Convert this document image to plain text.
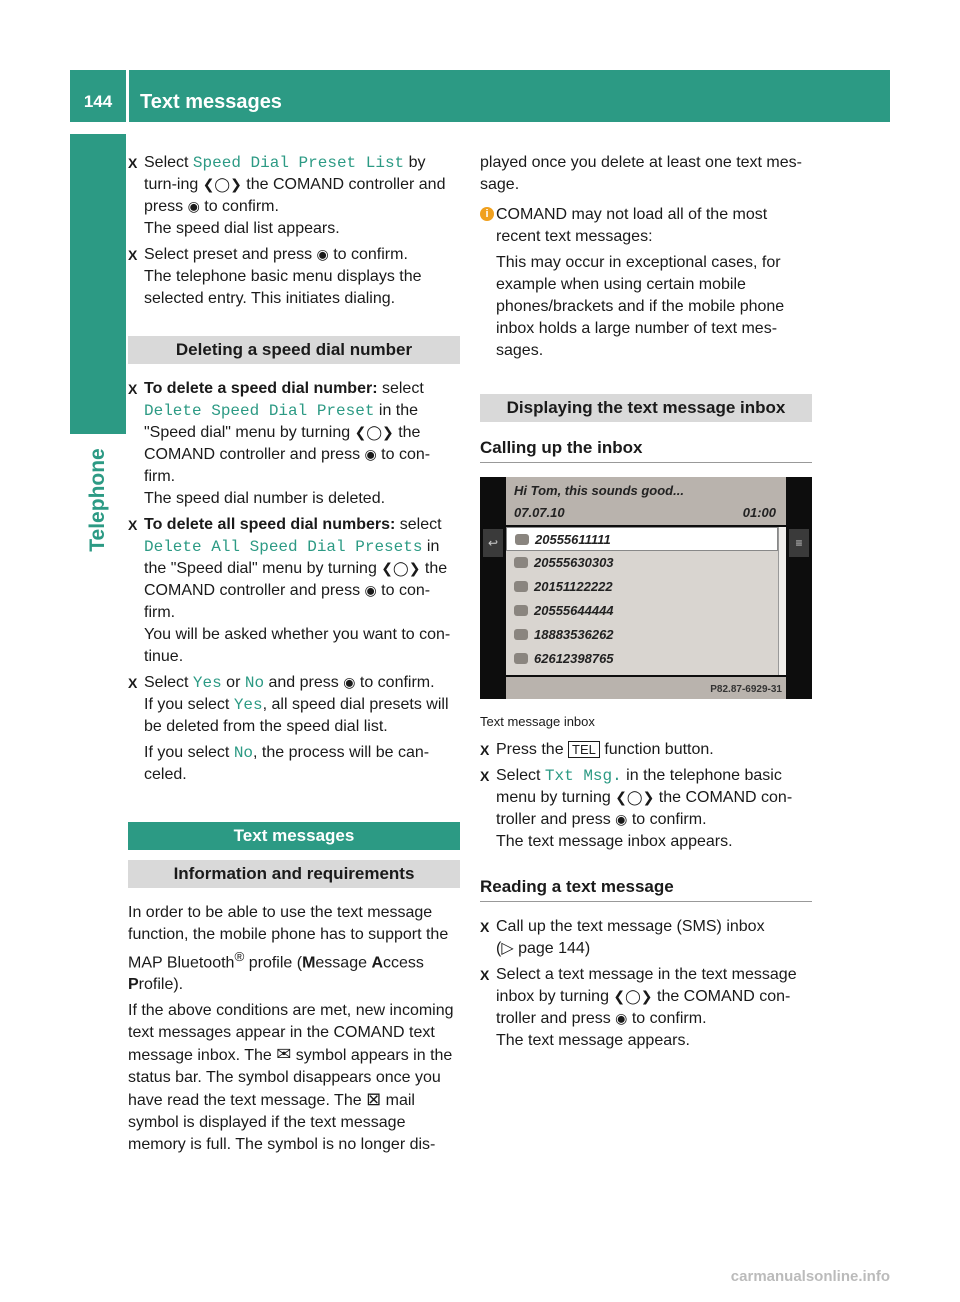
144	Text messages
Telephone
X Select Speed Dial Preset List by turn-ing ❮◯❯ the COMAND controller and press ◉ to confirm.
The speed dial list appears.
X Select preset and press ◉ to confirm.
The telephone basic menu displays the selected entry. This initiates dialing.
Deleting a speed dial number
X To delete a speed dial number: select
Delete Speed Dial Preset in the "Speed dial" menu by turning ❮◯❯ the COMAND controller and press ◉ to con-firm.
The speed dial number is deleted.
X To delete all speed dial numbers: select
Delete All Speed Dial Presets in the "Speed dial" menu by turning ❮◯❯ the COMAND controller and press ◉ to con-firm.
You will be asked whether you want to con-tinue.
X Select Yes or No and press ◉ to confirm.
If you select Yes, all speed dial presets will be deleted from the speed dial list.
If you select No, the process will be can-celed.
Text messages
Information and requirements

In order to be able to use the text message function, the mobile phone has to support the MAP Bluetooth® profile (Message Access Profile).

If the above conditions are met, new incoming text messages appear in the COMAND text message inbox. The ✉ symbol appears in the status bar. The symbol disappears once you have read the text message. The ⊠ mail symbol is displayed if the text message memory is full. The symbol is no longer dis-

played once you delete at least one text mes-sage.

i COMAND may not load all of the most recent text messages:

This may occur in exceptional cases, for example when using certain mobile phones/brackets and if the mobile phone inbox holds a large number of text mes-sages.

Displaying the text message inbox
Calling up the inbox
Hi Tom, this sounds good...
07.07.10	01:00
↩	≡
20555611111
20555630303
20151122222
20555644444
18883536262
62612398765
P82.87-6929-31
Text message inbox
X Press the TEL function button.
X Select Txt Msg. in the telephone basic menu by turning ❮◯❯ the COMAND con-troller and press ◉ to confirm.
The text message inbox appears.
Reading a text message
X Call up the text message (SMS) inbox
(▷ page 144)
X Select a text message in the text message inbox by turning ❮◯❯ the COMAND con-troller and press ◉ to confirm.
The text message appears.
carmanualsonline.info
